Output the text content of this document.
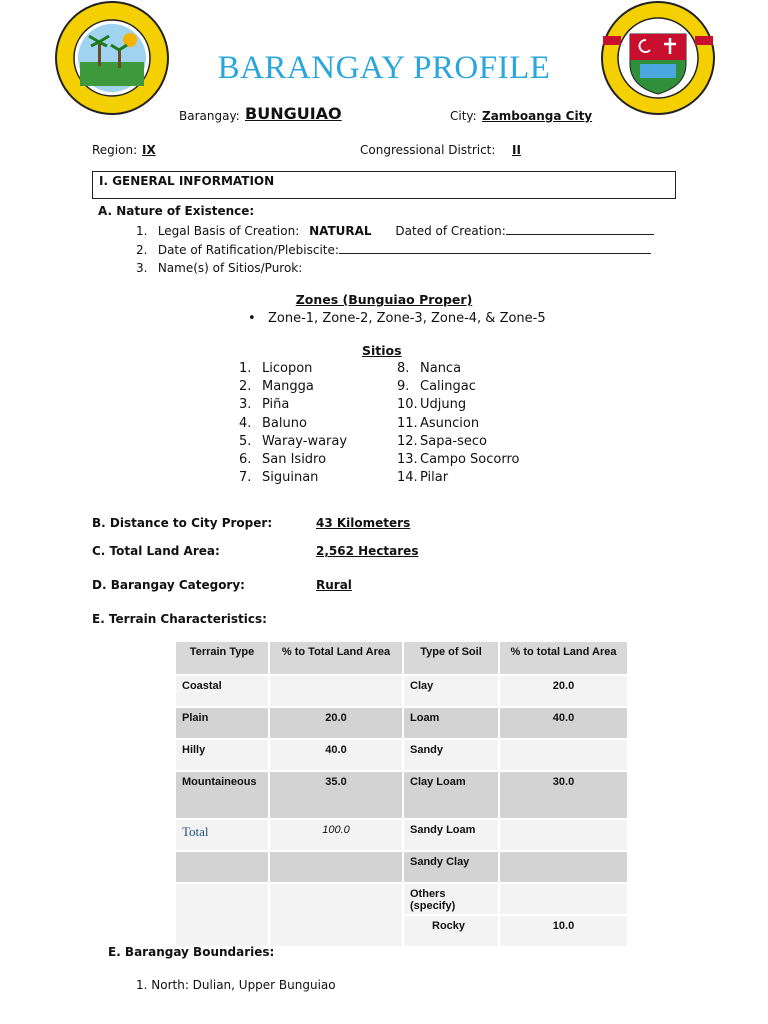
BARANGAY PROFILE
Barangay: BUNGUIAO	City: Zamboanga City
Region: IX	Congressional District: II
I. GENERAL INFORMATION
A. Nature of Existence:
1. Legal Basis of Creation: NATURAL Dated of Creation:
2. Date of Ratification/Plebiscite:
3. Name(s) of Sitios/Purok:
Zones (Bunguiao Proper)
• Zone-1, Zone-2, Zone-3, Zone-4, & Zone-5
Sitios
1. Licopon
2. Mangga
3. Piña
4. Baluno
5. Waray-waray
6. San Isidro
7. Siguinan
8. Nanca
9. Calingac
10. Udjung
11. Asuncion
12. Sapa-seco
13. Campo Socorro
14. Pilar
B. Distance to City Proper:	43 Kilometers
C. Total Land Area:	2,562 Hectares
D. Barangay Category:	Rural
E. Terrain Characteristics:
Terrain Type	% to Total Land Area	Type of Soil	% to total Land Area
Coastal		Clay	20.0
Plain	20.0	Loam	40.0
Hilly	40.0	Sandy	
Mountaineous	35.0	Clay Loam	30.0
Total	100.0	Sandy Loam	
		Sandy Clay	
		Others (specify)	
		Rocky	10.0
E. Barangay Boundaries:
1. North: Dulian, Upper Bunguiao
